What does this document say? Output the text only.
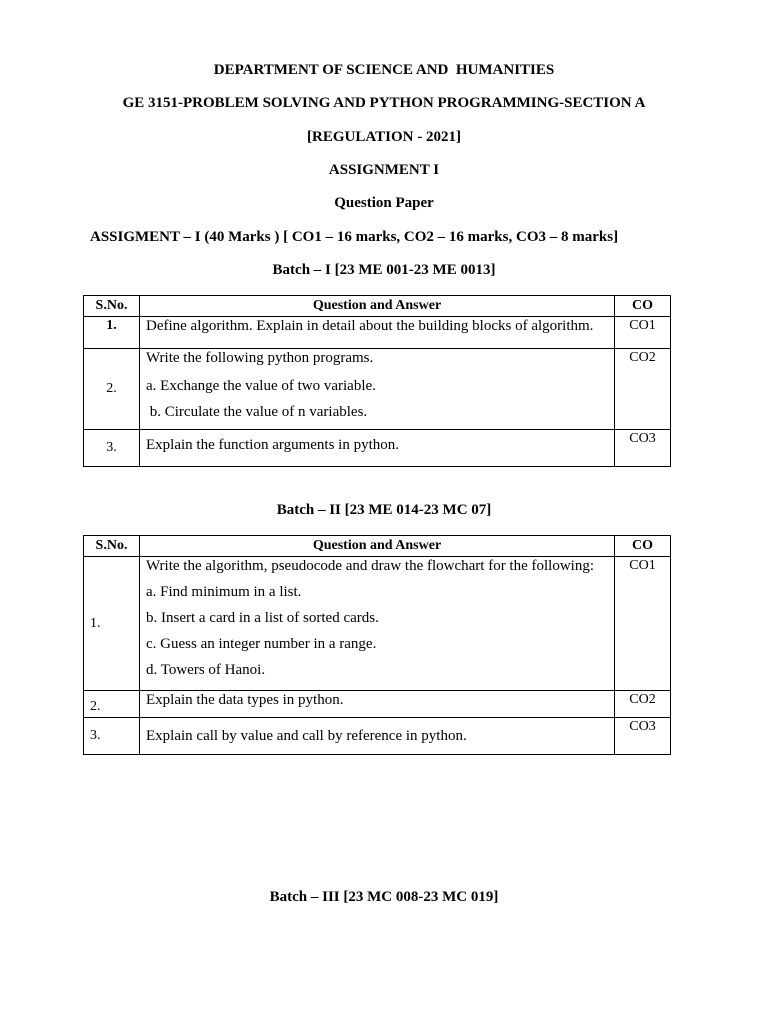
DEPARTMENT OF SCIENCE AND  HUMANITIES
GE 3151-PROBLEM SOLVING AND PYTHON PROGRAMMING-SECTION A
[REGULATION - 2021]
ASSIGNMENT I
Question Paper
ASSIGMENT – I (40 Marks ) [ CO1 – 16 marks, CO2 – 16 marks, CO3 – 8 marks]
Batch – I [23 ME 001-23 ME 0013]
S.No.	Question and Answer	CO
1.	Define algorithm. Explain in detail about the building blocks of algorithm.	CO1
2.	Write the following python programs.

a. Exchange the value of two variable.

b. Circulate the value of n variables.	CO2
3.	Explain the function arguments in python.	CO3
Batch – II [23 ME 014-23 MC 07]
S.No.	Question and Answer	CO
1.	Write the algorithm, pseudocode and draw the flowchart for the following:

a. Find minimum in a list.

b. Insert a card in a list of sorted cards.

c. Guess an integer number in a range.

d. Towers of Hanoi.	CO1
2.	Explain the data types in python.	CO2
3.	Explain call by value and call by reference in python.	CO3
Batch – III [23 MC 008-23 MC 019]
